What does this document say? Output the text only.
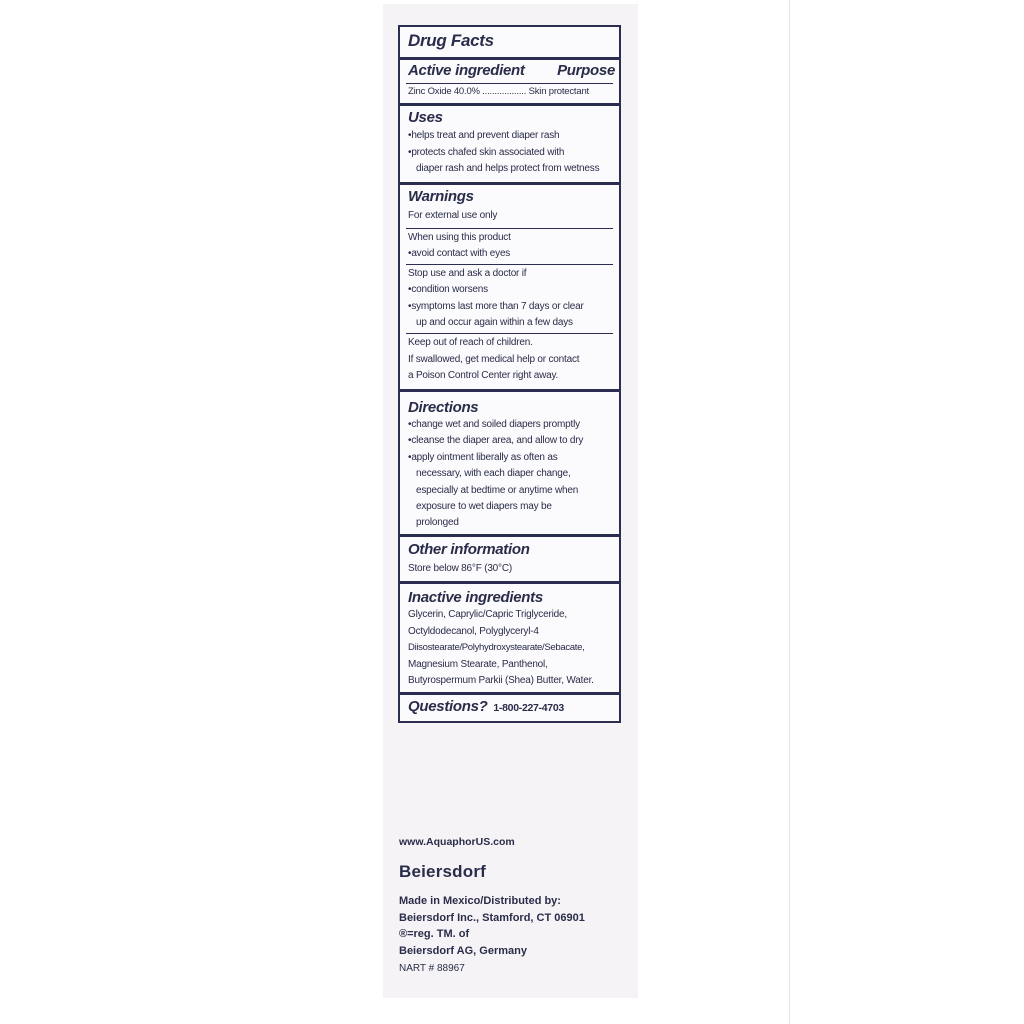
Drug Facts
Active ingredient Purpose
Zinc Oxide 40.0% .................. Skin protectant
Uses
• helps treat and prevent diaper rash
• protects chafed skin associated with
diaper rash and helps protect from wetness
Warnings
For external use only
When using this product
• avoid contact with eyes
Stop use and ask a doctor if
• condition worsens
• symptoms last more than 7 days or clear
up and occur again within a few days
Keep out of reach of children.
If swallowed, get medical help or contact
a Poison Control Center right away.
Directions
• change wet and soiled diapers promptly
• cleanse the diaper area, and allow to dry
• apply ointment liberally as often as
necessary, with each diaper change,
especially at bedtime or anytime when
exposure to wet diapers may be
prolonged
Other information
Store below 86°F (30°C)
Inactive ingredients
Glycerin, Caprylic/Capric Triglyceride,
Octyldodecanol, Polyglyceryl-4
Diisostearate/Polyhydroxystearate/Sebacate,
Magnesium Stearate, Panthenol,
Butyrospermum Parkii (Shea) Butter, Water.
Questions? 1-800-227-4703
www.AquaphorUS.com
Beiersdorf
Made in Mexico/Distributed by:
Beiersdorf Inc., Stamford, CT 06901
®=reg. TM. of
Beiersdorf AG, Germany
NART # 88967
